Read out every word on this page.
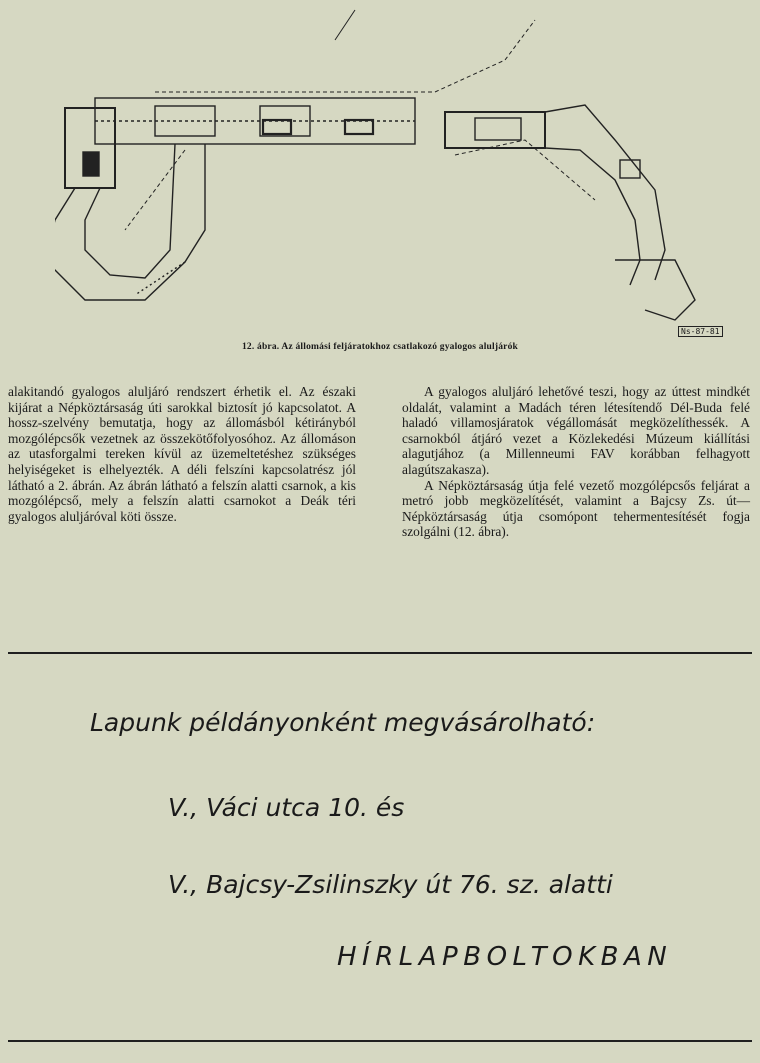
Ns-87-81
12. ábra. Az állomási feljáratokhoz csatlakozó gyalogos aluljárók

alakitandó gyalogos aluljáró rendszert érhetik el. Az északi kijárat a Népköztársaság úti sarokkal biztosít jó kapcsolatot. A hossz-szelvény bemutatja, hogy az állomásból kétirányból mozgólépcsők vezetnek az összekötőfolyosóhoz. Az állomáson az utasforgalmi tereken kívül az üzemeltetéshez szükséges helyiségeket is elhelyezték. A déli felszíni kapcsolatrész jól látható a 2. ábrán. Az ábrán látható a felszín alatti csarnok, a kis mozgólépcső, mely a felszín alatti csarnokot a Deák téri gyalogos aluljáróval köti össze.

A gyalogos aluljáró lehetővé teszi, hogy az úttest mindkét oldalát, valamint a Madách téren létesítendő Dél-Buda felé haladó villamosjáratok végállomását megközelíthessék. A csarnokból átjáró vezet a Közlekedési Múzeum kiállítási alagutjához (a Millenneumi FAV korábban felhagyott alagútszakasza).

A Népköztársaság útja felé vezető mozgólépcsős feljárat a metró jobb megközelítését, valamint a Bajcsy Zs. út—Népköztársaság útja csomópont tehermentesítését fogja szolgálni (12. ábra).

Lapunk példányonként megvásárolható:
V., Váci utca 10. és
V., Bajcsy-Zsilinszky út 76. sz. alatti
HÍRLAPBOLTOKBAN
